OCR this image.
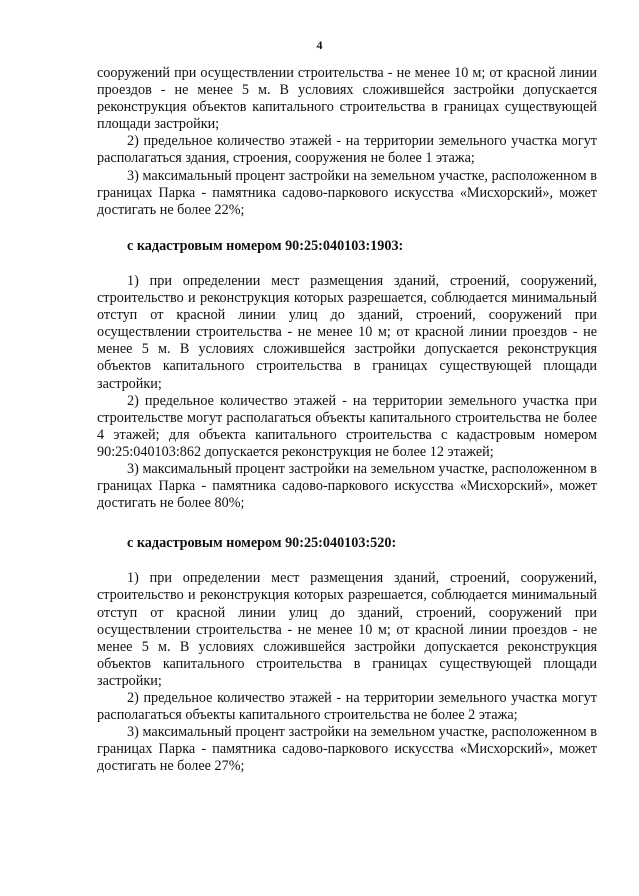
4

сооружений при осуществлении строительства - не менее 10 м; от красной линии проездов - не менее 5 м. В условиях сложившейся застройки допускается реконструкция объектов капитального строительства в границах существующей площади застройки;

2) предельное количество этажей - на территории земельного участка могут располагаться здания, строения, сооружения не более 1 этажа;

3) максимальный процент застройки на земельном участке, расположенном в границах Парка - памятника садово-паркового искусства «Мисхорский», может достигать не более 22%;

с кадастровым номером 90:25:040103:1903:

1) при определении мест размещения зданий, строений, сооружений, строительство и реконструкция которых разрешается, соблюдается минимальный отступ от красной линии улиц до зданий, строений, сооружений при осуществлении строительства - не менее 10 м; от красной линии проездов - не менее 5 м. В условиях сложившейся застройки допускается реконструкция объектов капитального строительства в границах существующей площади застройки;

2) предельное количество этажей - на территории земельного участка при строительстве могут располагаться объекты капитального строительства не более 4 этажей; для объекта капитального строительства с кадастровым номером 90:25:040103:862 допускается реконструкция не более 12 этажей;

3) максимальный процент застройки на земельном участке, расположенном в границах Парка - памятника садово-паркового искусства «Мисхорский», может достигать не более 80%;

с кадастровым номером 90:25:040103:520:

1) при определении мест размещения зданий, строений, сооружений, строительство и реконструкция которых разрешается, соблюдается минимальный отступ от красной линии улиц до зданий, строений, сооружений при осуществлении строительства - не менее 10 м; от красной линии проездов - не менее 5 м. В условиях сложившейся застройки допускается реконструкция объектов капитального строительства в границах существующей площади застройки;

2) предельное количество этажей - на территории земельного участка могут располагаться объекты капитального строительства не более 2 этажа;

3) максимальный процент застройки на земельном участке, расположенном в границах Парка - памятника садово-паркового искусства «Мисхорский», может достигать не более 27%;
